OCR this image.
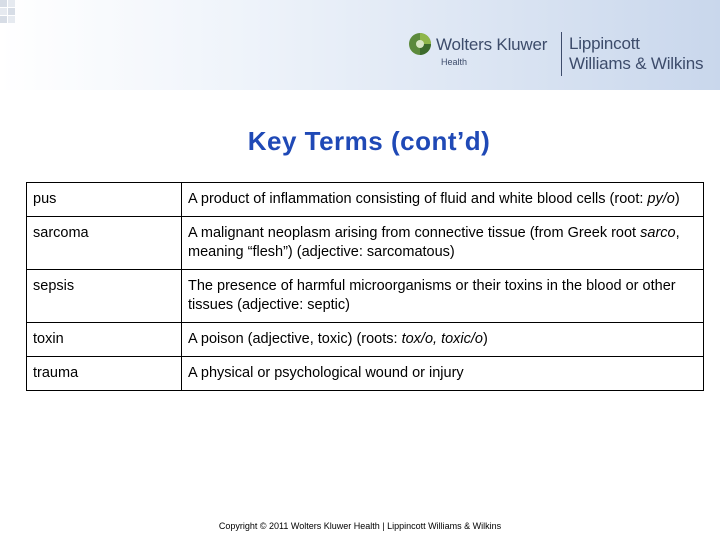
Wolters Kluwer
Health
Lippincott
Williams & Wilkins
Key Terms (cont’d)
pus	A product of inflammation consisting of fluid and white blood cells (root: py/o)
sarcoma	A malignant neoplasm arising from connective tissue (from Greek root sarco, meaning “flesh”) (adjective: sarcomatous)
sepsis	The presence of harmful microorganisms or their toxins in the blood or other tissues (adjective: septic)
toxin	A poison (adjective, toxic) (roots: tox/o, toxic/o)
trauma	A physical or psychological wound or injury
Copyright © 2011 Wolters Kluwer Health | Lippincott Williams & Wilkins
